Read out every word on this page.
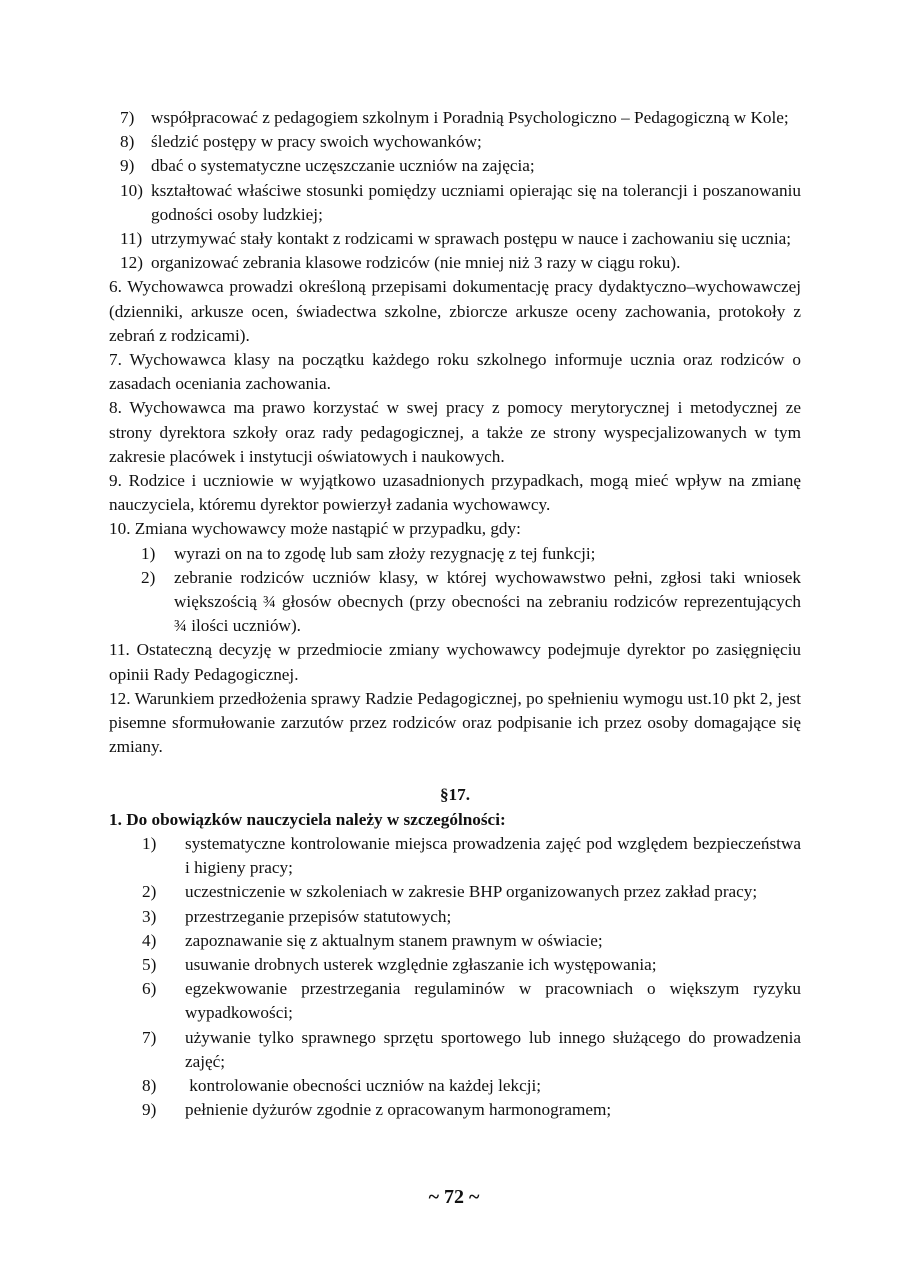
7) współpracować z pedagogiem szkolnym i Poradnią Psychologiczno – Pedagogiczną w Kole;
8) śledzić postępy w pracy swoich wychowanków;
9) dbać o systematyczne uczęszczanie uczniów na zajęcia;
10) kształtować właściwe stosunki pomiędzy uczniami opierając się na tolerancji i poszanowaniu godności osoby ludzkiej;
11) utrzymywać stały kontakt z rodzicami w sprawach postępu w nauce i zachowaniu się ucznia;
12) organizować zebrania klasowe rodziców (nie mniej niż 3 razy w ciągu roku).
6. Wychowawca prowadzi określoną przepisami dokumentację pracy dydaktyczno–wychowawczej (dzienniki, arkusze ocen, świadectwa szkolne, zbiorcze arkusze oceny zachowania, protokoły z zebrań z rodzicami).
7. Wychowawca klasy na początku każdego roku szkolnego informuje ucznia oraz rodziców o zasadach oceniania zachowania.
8. Wychowawca ma prawo korzystać w swej pracy z pomocy merytorycznej i metodycznej ze strony dyrektora szkoły oraz rady pedagogicznej, a także ze strony wyspecjalizowanych w tym zakresie placówek i instytucji oświatowych i naukowych.
9. Rodzice i uczniowie w wyjątkowo uzasadnionych przypadkach, mogą mieć wpływ na zmianę nauczyciela, któremu dyrektor powierzył zadania wychowawcy.
10. Zmiana wychowawcy może nastąpić w przypadku, gdy:
1) wyrazi on na to zgodę lub sam złoży rezygnację z tej funkcji;
2) zebranie rodziców uczniów klasy, w której wychowawstwo pełni, zgłosi taki wniosek większością ¾ głosów obecnych (przy obecności na zebraniu rodziców reprezentujących ¾ ilości uczniów).
11. Ostateczną decyzję w przedmiocie zmiany wychowawcy podejmuje dyrektor po zasięgnięciu opinii Rady Pedagogicznej.
12. Warunkiem przedłożenia sprawy Radzie Pedagogicznej, po spełnieniu wymogu ust.10 pkt 2, jest pisemne sformułowanie zarzutów przez rodziców oraz podpisanie ich przez osoby domagające się zmiany.
§17.
1. Do obowiązków nauczyciela należy w szczególności:
1) systematyczne kontrolowanie miejsca prowadzenia zajęć pod względem bezpieczeństwa i higieny pracy;
2) uczestniczenie w szkoleniach w zakresie BHP organizowanych przez zakład pracy;
3) przestrzeganie przepisów statutowych;
4) zapoznawanie się z aktualnym stanem prawnym w oświacie;
5) usuwanie drobnych usterek względnie zgłaszanie ich występowania;
6) egzekwowanie przestrzegania regulaminów w pracowniach o większym ryzyku wypadkowości;
7) używanie tylko sprawnego sprzętu sportowego lub innego służącego do prowadzenia zajęć;
8) kontrolowanie obecności uczniów na każdej lekcji;
9) pełnienie dyżurów zgodnie z opracowanym harmonogramem;
~ 72 ~
